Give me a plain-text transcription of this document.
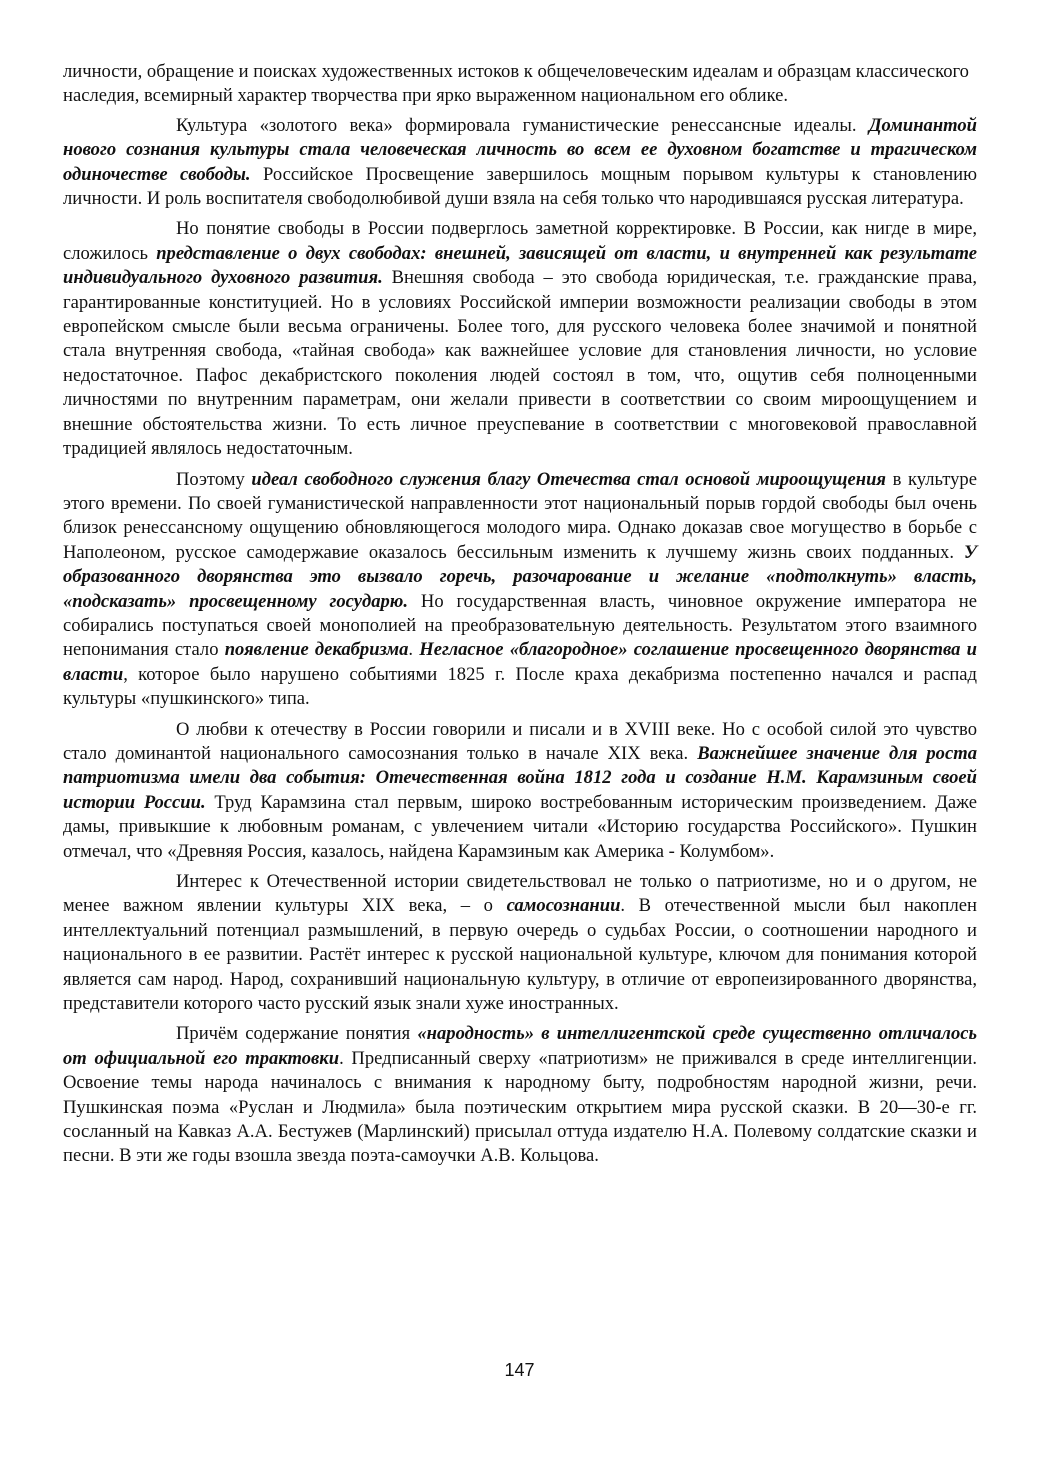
личности, обращение и поисках художественных истоков к общечеловеческим идеалам и образцам классического наследия, всемирный характер творчества при ярко выраженном национальном его облике.

Культура «золотого века» формировала гуманистические ренессансные идеалы. Доминантой нового сознания культуры стала человеческая личность во всем ее духовном богатстве и трагическом одиночестве свободы. Российское Просвещение завершилось мощным порывом культуры к становлению личности. И роль воспитателя свободолюбивой души взяла на себя только что народившаяся русская литература.

Но понятие свободы в России подверглось заметной корректировке. В России, как нигде в мире, сложилось представление о двух свободах: внешней, зависящей от власти, и внутренней как результате индивидуального духовного развития. Внешняя свобода – это свобода юридическая, т.е. гражданские права, гарантированные конституцией. Но в условиях Российской империи возможности реализации свободы в этом европейском смысле были весьма ограничены. Более того, для русского человека более значимой и понятной стала внутренняя свобода, «тайная свобода» как важнейшее условие для становления личности, но условие недостаточное. Пафос декабристского поколения людей состоял в том, что, ощутив себя полноценными личностями по внутренним параметрам, они желали привести в соответствии со своим мироощущением и внешние обстоятельства жизни. То есть личное преуспевание в соответствии с многовековой православной традицией являлось недостаточным.

Поэтому идеал свободного служения благу Отечества стал основой мироощущения в культуре этого времени. По своей гуманистической направленности этот национальный порыв гордой свободы был очень близок ренессансному ощущению обновляющегося молодого мира. Однако доказав свое могущество в борьбе с Наполеоном, русское самодержавие оказалось бессильным изменить к лучшему жизнь своих подданных. У образованного дворянства это вызвало горечь, разочарование и желание «подтолкнуть» власть, «подсказать» просвещенному государю. Но государственная власть, чиновное окружение императора не собирались поступаться своей монополией на преобразовательную деятельность. Результатом этого взаимного непонимания стало появление декабризма. Негласное «благородное» соглашение просвещенного дворянства и власти, которое было нарушено событиями 1825 г. После краха декабризма постепенно начался и распад культуры «пушкинского» типа.

О любви к отечеству в России говорили и писали и в XVIII веке. Но с особой силой это чувство стало доминантой национального самосознания только в начале XIX века. Важнейшее значение для роста патриотизма имели два события: Отечественная война 1812 года и создание Н.М. Карамзиным своей истории России. Труд Карамзина стал первым, широко востребованным историческим произведением. Даже дамы, привыкшие к любовным романам, с увлечением читали «Историю государства Российского». Пушкин отмечал, что «Древняя Россия, казалось, найдена Карамзиным как Америка - Колумбом».

Интерес к Отечественной истории свидетельствовал не только о патриотизме, но и о другом, не менее важном явлении культуры XIX века, – о самосознании. В отечественной мысли был накоплен интеллектуальний потенциал размышлений, в первую очередь о судьбах России, о соотношении народного и национального в ее развитии. Растёт интерес к русской национальной культуре, ключом для понимания которой является сам народ. Народ, сохранивший национальную культуру, в отличие от европеизированного дворянства, представители которого часто русский язык знали хуже иностранных.

Причём содержание понятия «народность» в интеллигентской среде существенно отличалось от официальной его трактовки. Предписанный сверху «патриотизм» не приживался в среде интеллигенции. Освоение темы народа начиналось с внимания к народному быту, подробностям народной жизни, речи. Пушкинская поэма «Руслан и Людмила» была поэтическим открытием мира русской сказки. В 20—30-е гг. сосланный на Кавказ А.А. Бестужев (Марлинский) присылал оттуда издателю Н.А. Полевому солдатские сказки и песни. В эти же годы взошла звезда поэта-самоучки А.В. Кольцова.

147
